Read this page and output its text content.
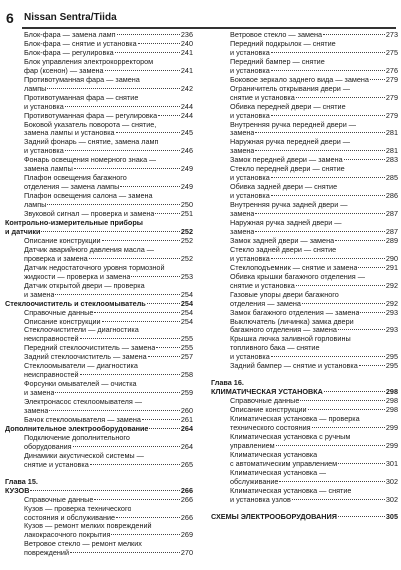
6 Nissan Sentra/Tiida
Блок-фара — замена ламп	236
Блок-фара — снятие и установка	240
Блок-фара — регулировка	241
Блок управления электрокорректором
фар (ксенон) — замена	241
Противотуманная фара — замена
лампы	242
Противотуманная фара — снятие
и установка	244
Противотуманная фара — регулировка	244
Боковой указатель поворота — снятие,
замена лампы и установка	245
Задний фонарь — снятие, замена ламп
и установка	246
Фонарь освещения номерного знака —
замена лампы	249
Плафон освещения багажного
отделения — замена лампы	249
Плафон освещения салона — замена
лампы	250
Звуковой сигнал — проверка и замена	251
Контрольно-измерительные приборы
и датчики	252
Описание конструкции	252
Датчик аварийного давления масла —
проверка и замена	252
Датчик недостаточного уровня тормозной
жидкости — проверка и замена	253
Датчик открытой двери — проверка
и замена	254
Стеклоочиститель и стеклоомыватель	254
Справочные данные	254
Описание конструкции	254
Стеклоочистители — диагностика
неисправностей	255
Передний стеклоочиститель — замена	255
Задний стеклоочиститель — замена	257
Стеклоомыватели — диагностика
неисправностей	258
Форсунки омывателей — очистка
и замена	259
Электронасос стеклоомывателя —
замена	260
Бачок стеклоомывателя — замена	261
Дополнительное электрооборудование	264
Подключение дополнительного
оборудования	264
Динамики акустической системы —
снятие и установка	265
Глава 15.
КУЗОВ	266
Справочные данные	266
Кузов — проверка технического
состояния и обслуживание	266
Кузов — ремонт мелких повреждений
лакокрасочного покрытия	269
Ветровое стекло — ремонт мелких
повреждений	270
Ветровое стекло — замена	273
Передний подкрылок — снятие
и установка	275
Передний бампер — снятие
и установка	276
Боковое зеркало заднего вида — замена 279
Ограничитель открывания двери —
снятие и установка	279
Обивка передней двери — снятие
и установка	279
Внутренняя ручка передней двери —
замена	281
Наружная ручка передней двери —
замена	281
Замок передней двери — замена	283
Стекло передней двери — снятие
и установка	285
Обивка задней двери — снятие
и установка	286
Внутренняя ручка задней двери —
замена	287
Наружная ручка задней двери —
замена	287
Замок задней двери — замена	289
Стекло задней двери — снятие
и установка	290
Стеклоподъемник — снятие и замена	291
Обивка крышки багажного отделения —
снятие и установка	292
Газовые упоры двери багажного
отделения — замена	292
Замок багажного отделения — замена	293
Выключатель (личинка) замка двери
багажного отделения — замена	293
Крышка лючка заливной горловины
топливного бака — снятие
и установка	295
Задний бампер — снятие и установка	295
Глава 16.
КЛИМАТИЧЕСКАЯ УСТАНОВКА	298
Справочные данные	298
Описание конструкции	298
Климатическая установка — проверка
технического состояния	299
Климатическая установка с ручным
управлением	299
Климатическая установка
с автоматическим управлением	301
Климатическая установка —
обслуживание	302
Климатическая установка — снятие
и установка узлов	302
СХЕМЫ ЭЛЕКТРООБОРУДОВАНИЯ	305
